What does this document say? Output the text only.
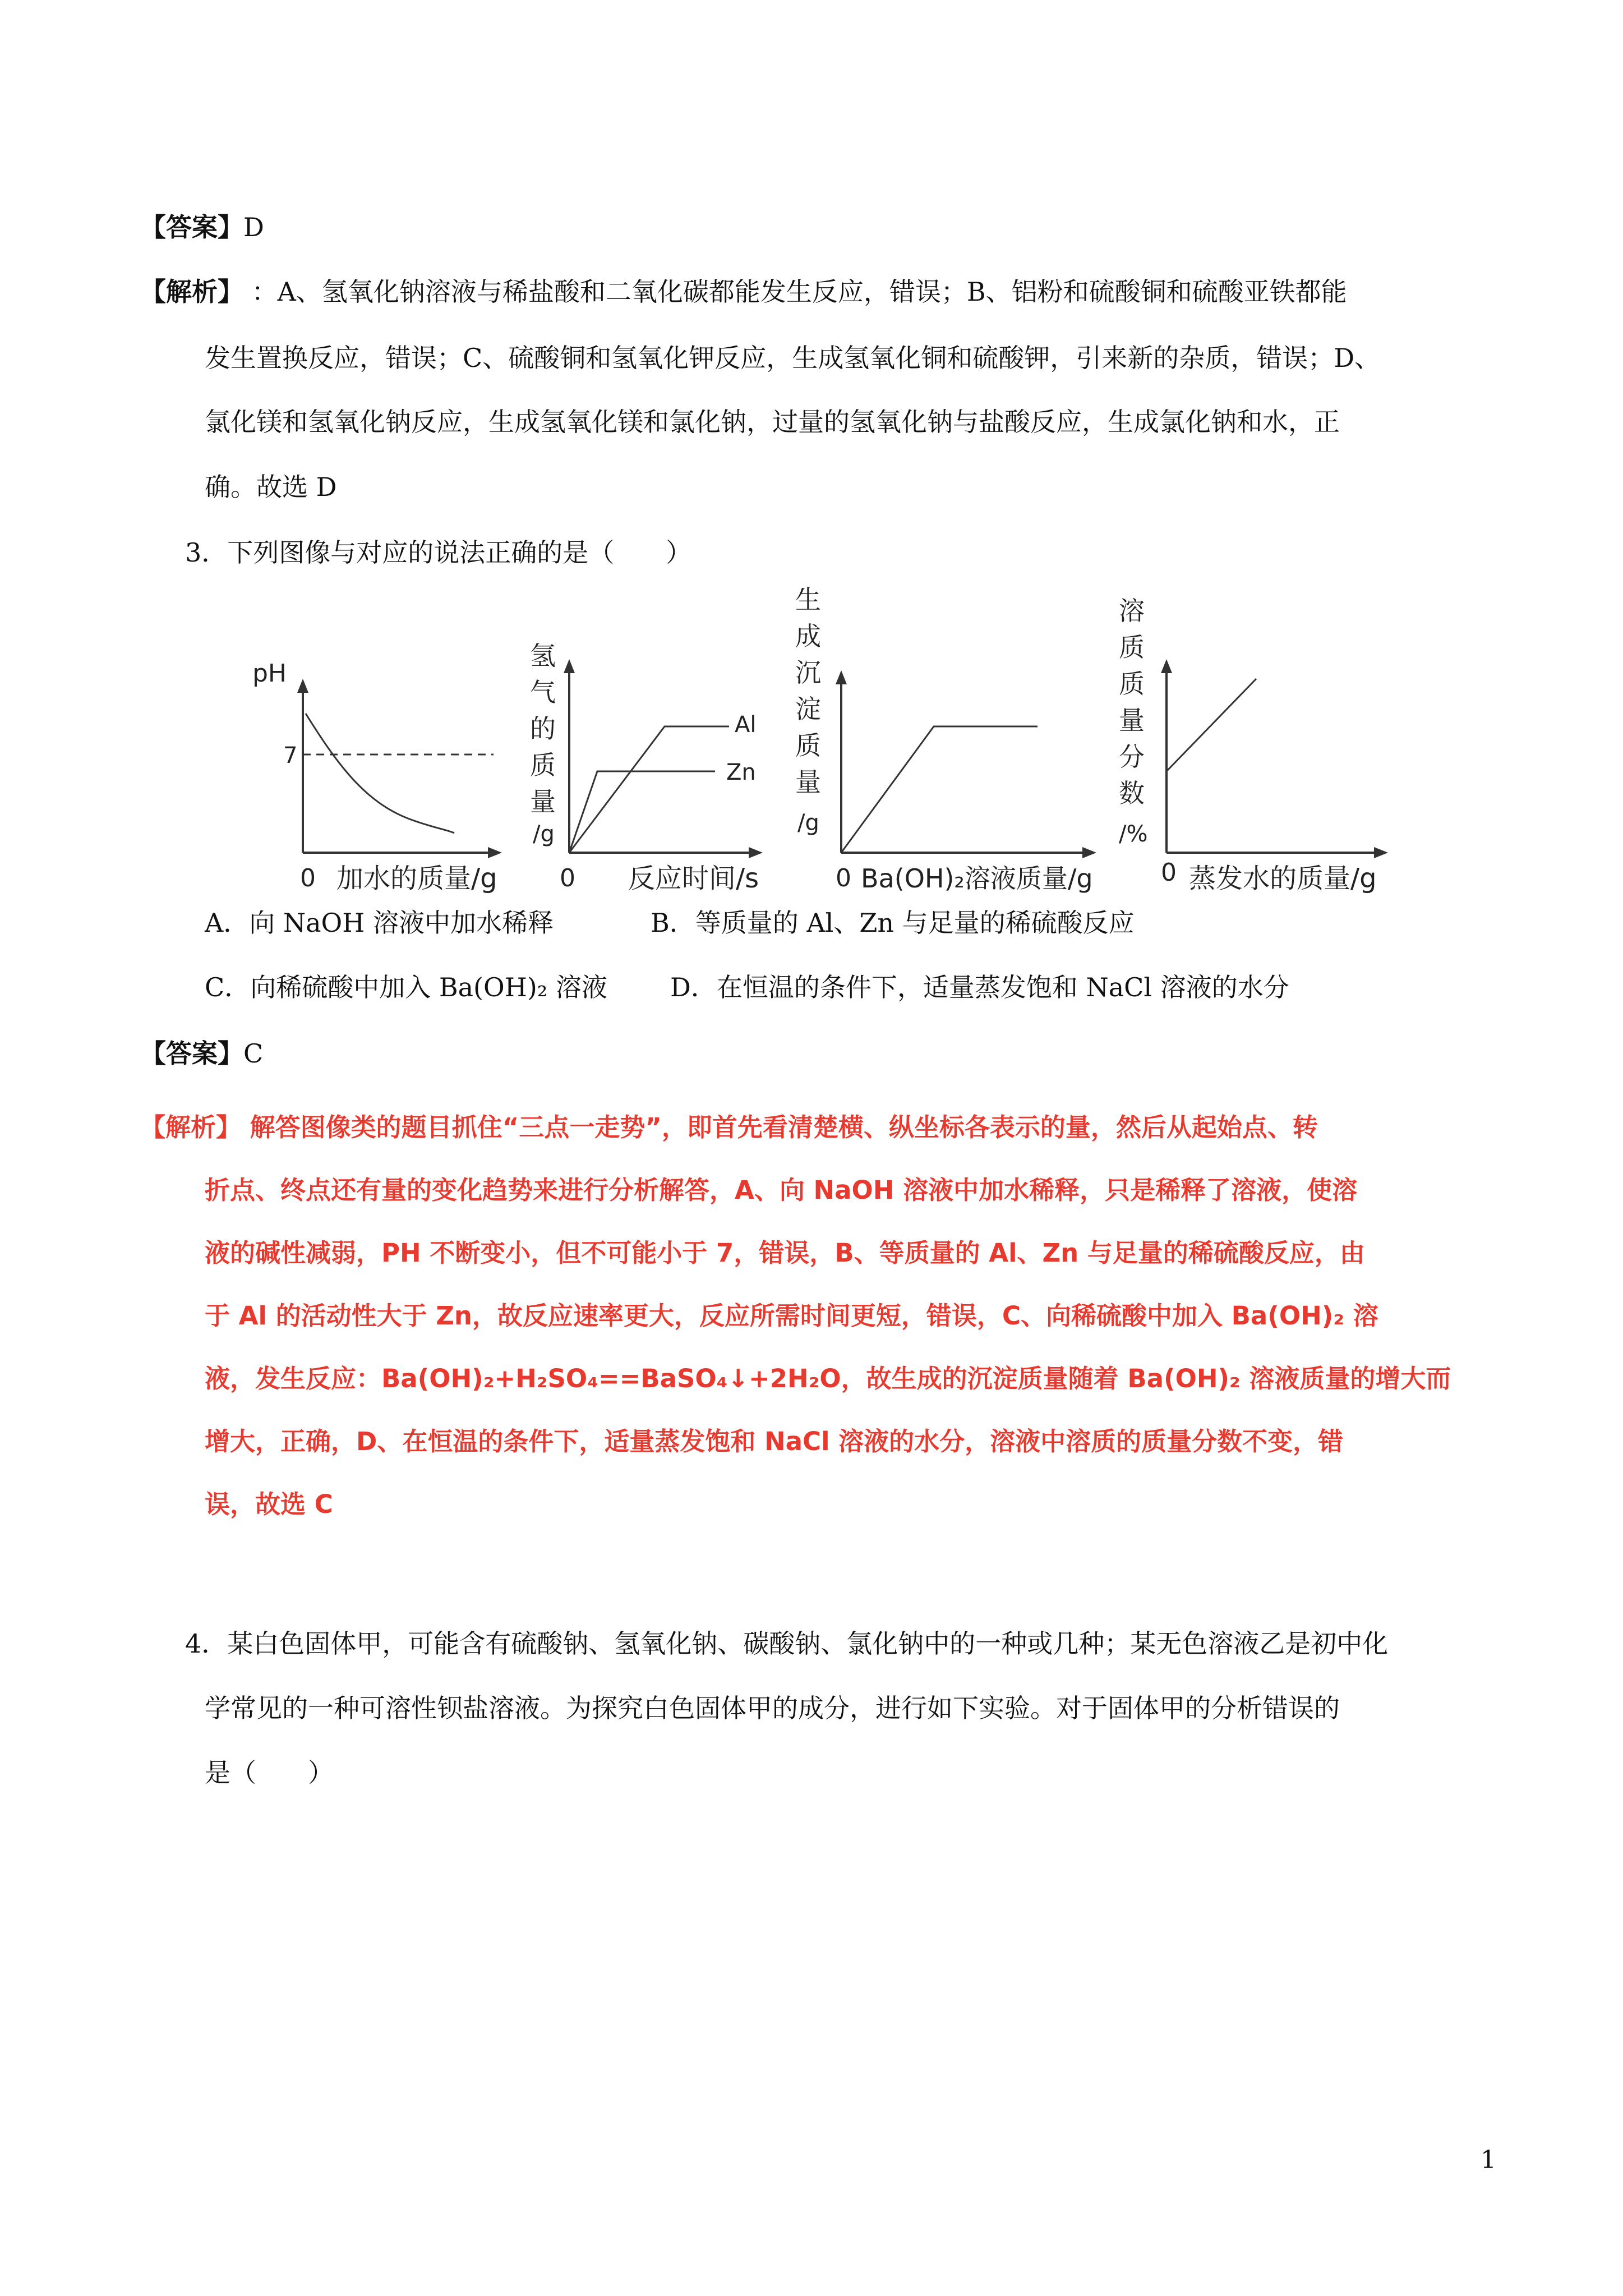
【答案】D
【解析】 ：A、氢氧化钠溶液与稀盐酸和二氧化碳都能发生反应，错误；B、铝粉和硫酸铜和硫酸亚铁都能
发生置换反应，错误；C、硫酸铜和氢氧化钾反应，生成氢氧化铜和硫酸钾，引来新的杂质，错误；D、
氯化镁和氢氧化钠反应，生成氢氧化镁和氯化钠，过量的氢氧化钠与盐酸反应，生成氯化钠和水，正
确。故选 D
3．下列图像与对应的说法正确的是（　　）
pH
7
0 加水的质量/g
氢
气
的
质
量
/g
Al
Zn
0 反应时间/s
生
成
沉
淀
质
量
/g
0 Ba(OH)₂溶液质量/g
溶
质
质
量
分
数
/%
0 蒸发水的质量/g
A．向 NaOH 溶液中加水稀释	B．等质量的 Al、Zn 与足量的稀硫酸反应
C．向稀硫酸中加入 Ba(OH)₂ 溶液 D．在恒温的条件下，适量蒸发饱和 NaCl 溶液的水分
【答案】C
【解析】 解答图像类的题目抓住“三点一走势”，即首先看清楚横、纵坐标各表示的量，然后从起始点、转
折点、终点还有量的变化趋势来进行分析解答，A、向 NaOH 溶液中加水稀释，只是稀释了溶液，使溶
液的碱性减弱，PH 不断变小，但不可能小于 7，错误，B、等质量的 Al、Zn 与足量的稀硫酸反应，由
于 Al 的活动性大于 Zn，故反应速率更大，反应所需时间更短，错误，C、向稀硫酸中加入 Ba(OH)₂ 溶
液，发生反应：Ba(OH)₂+H₂SO₄==BaSO₄↓+2H₂O，故生成的沉淀质量随着 Ba(OH)₂ 溶液质量的增大而
增大，正确，D、在恒温的条件下，适量蒸发饱和 NaCl 溶液的水分，溶液中溶质的质量分数不变，错
误，故选 C
4．某白色固体甲，可能含有硫酸钠、氢氧化钠、碳酸钠、氯化钠中的一种或几种；某无色溶液乙是初中化
学常见的一种可溶性钡盐溶液。为探究白色固体甲的成分，进行如下实验。对于固体甲的分析错误的
是（　　）
1
